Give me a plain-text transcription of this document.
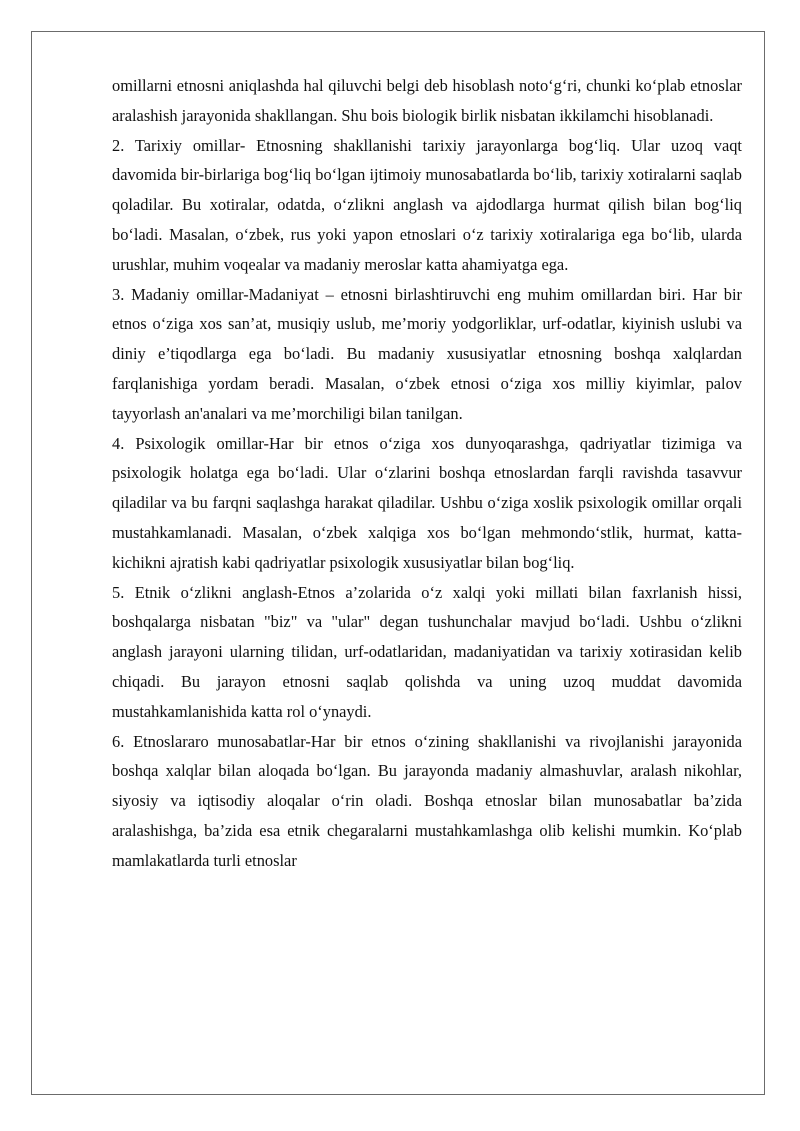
omillarni etnosni aniqlashda hal qiluvchi belgi deb hisoblash noto‘g‘ri, chunki ko‘plab etnoslar aralashish jarayonida shakllangan. Shu bois biologik birlik nisbatan ikkilamchi hisoblanadi.

2. Tarixiy omillar- Etnosning shakllanishi tarixiy jarayonlarga bog‘liq. Ular uzoq vaqt davomida bir-birlariga bog‘liq bo‘lgan ijtimoiy munosabatlarda bo‘lib, tarixiy xotiralarni saqlab qoladilar. Bu xotiralar, odatda, o‘zlikni anglash va ajdodlarga hurmat qilish bilan bog‘liq bo‘ladi. Masalan, o‘zbek, rus yoki yapon etnoslari o‘z tarixiy xotiralariga ega bo‘lib, ularda urushlar, muhim voqealar va madaniy meroslar katta ahamiyatga ega.

3. Madaniy omillar-Madaniyat – etnosni birlashtiruvchi eng muhim omillardan biri. Har bir etnos o‘ziga xos san’at, musiqiy uslub, me’moriy yodgorliklar, urf-odatlar, kiyinish uslubi va diniy e’tiqodlarga ega bo‘ladi. Bu madaniy xususiyatlar etnosning boshqa xalqlardan farqlanishiga yordam beradi. Masalan, o‘zbek etnosi o‘ziga xos milliy kiyimlar, palov tayyorlash an'analari va me’morchiligi bilan tanilgan.

4. Psixologik omillar-Har bir etnos o‘ziga xos dunyoqarashga, qadriyatlar tizimiga va psixologik holatga ega bo‘ladi. Ular o‘zlarini boshqa etnoslardan farqli ravishda tasavvur qiladilar va bu farqni saqlashga harakat qiladilar. Ushbu o‘ziga xoslik psixologik omillar orqali mustahkamlanadi. Masalan, o‘zbek xalqiga xos bo‘lgan mehmondo‘stlik, hurmat, katta-kichikni ajratish kabi qadriyatlar psixologik xususiyatlar bilan bog‘liq.

5. Etnik o‘zlikni anglash-Etnos a’zolarida o‘z xalqi yoki millati bilan faxrlanish hissi, boshqalarga nisbatan "biz" va "ular" degan tushunchalar mavjud bo‘ladi. Ushbu o‘zlikni anglash jarayoni ularning tilidan, urf-odatlaridan, madaniyatidan va tarixiy xotirasidan kelib chiqadi. Bu jarayon etnosni saqlab qolishda va uning uzoq muddat davomida mustahkamlanishida katta rol o‘ynaydi.

6. Etnoslararo munosabatlar-Har bir etnos o‘zining shakllanishi va rivojlanishi jarayonida boshqa xalqlar bilan aloqada bo‘lgan. Bu jarayonda madaniy almashuvlar, aralash nikohlar, siyosiy va iqtisodiy aloqalar o‘rin oladi. Boshqa etnoslar bilan munosabatlar ba’zida aralashishga, ba’zida esa etnik chegaralarni mustahkamlashga olib kelishi mumkin. Ko‘plab mamlakatlarda turli etnoslar
